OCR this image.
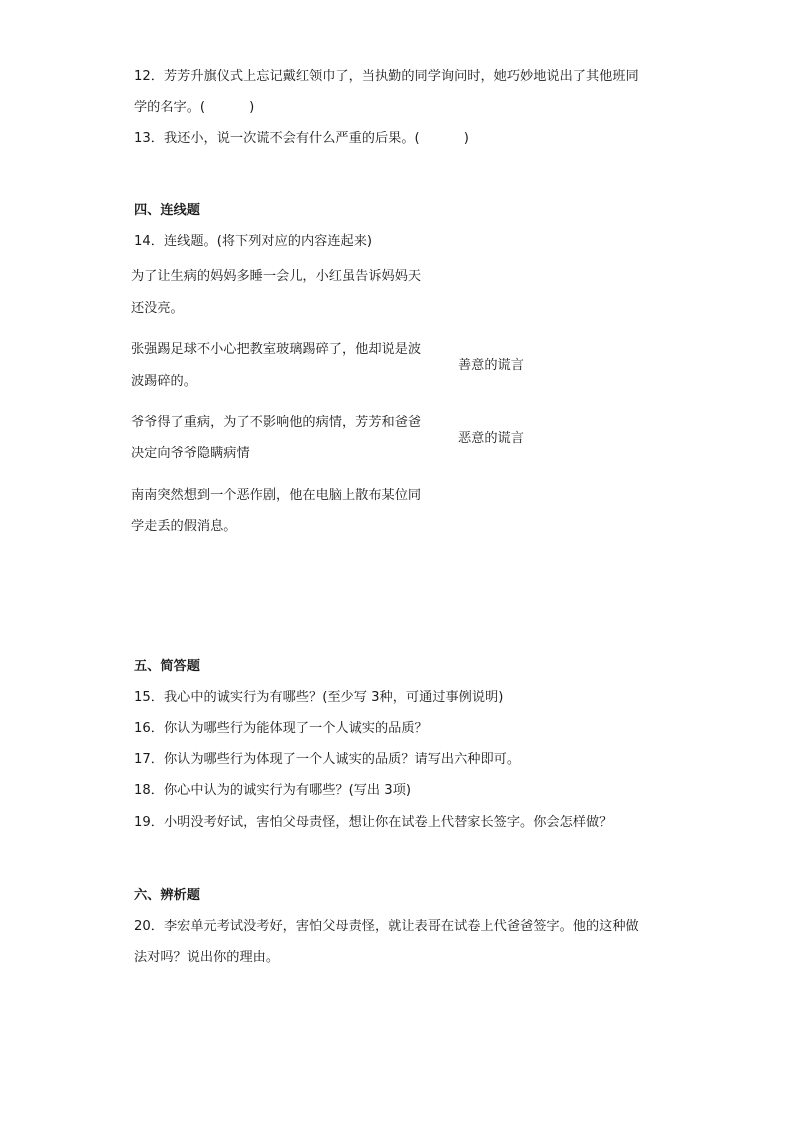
12．芳芳升旗仪式上忘记戴红领巾了，当执勤的同学询问时，她巧妙地说出了其他班同
学的名字。(	)
13．我还小，说一次谎不会有什么严重的后果。(	)
四、连线题
14．连线题。(将下列对应的内容连起来)
为了让生病的妈妈多睡一会儿，小红虽告诉妈妈天
还没亮。
张强踢足球不小心把教室玻璃踢碎了，他却说是波
波踢碎的。
爷爷得了重病，为了不影响他的病情，芳芳和爸爸
决定向爷爷隐瞒病情
南南突然想到一个恶作剧，他在电脑上散布某位同
学走丢的假消息。
善意的谎言
恶意的谎言
五、简答题
15．我心中的诚实行为有哪些？(至少写 3种，可通过事例说明)
16．你认为哪些行为能体现了一个人诚实的品质？
17．你认为哪些行为体现了一个人诚实的品质？请写出六种即可。
18．你心中认为的诚实行为有哪些？(写出 3项)
19．小明没考好试，害怕父母责怪，想让你在试卷上代替家长签字。你会怎样做？
六、辨析题
20．李宏单元考试没考好，害怕父母责怪，就让表哥在试卷上代爸爸签字。他的这种做
法对吗？说出你的理由。
